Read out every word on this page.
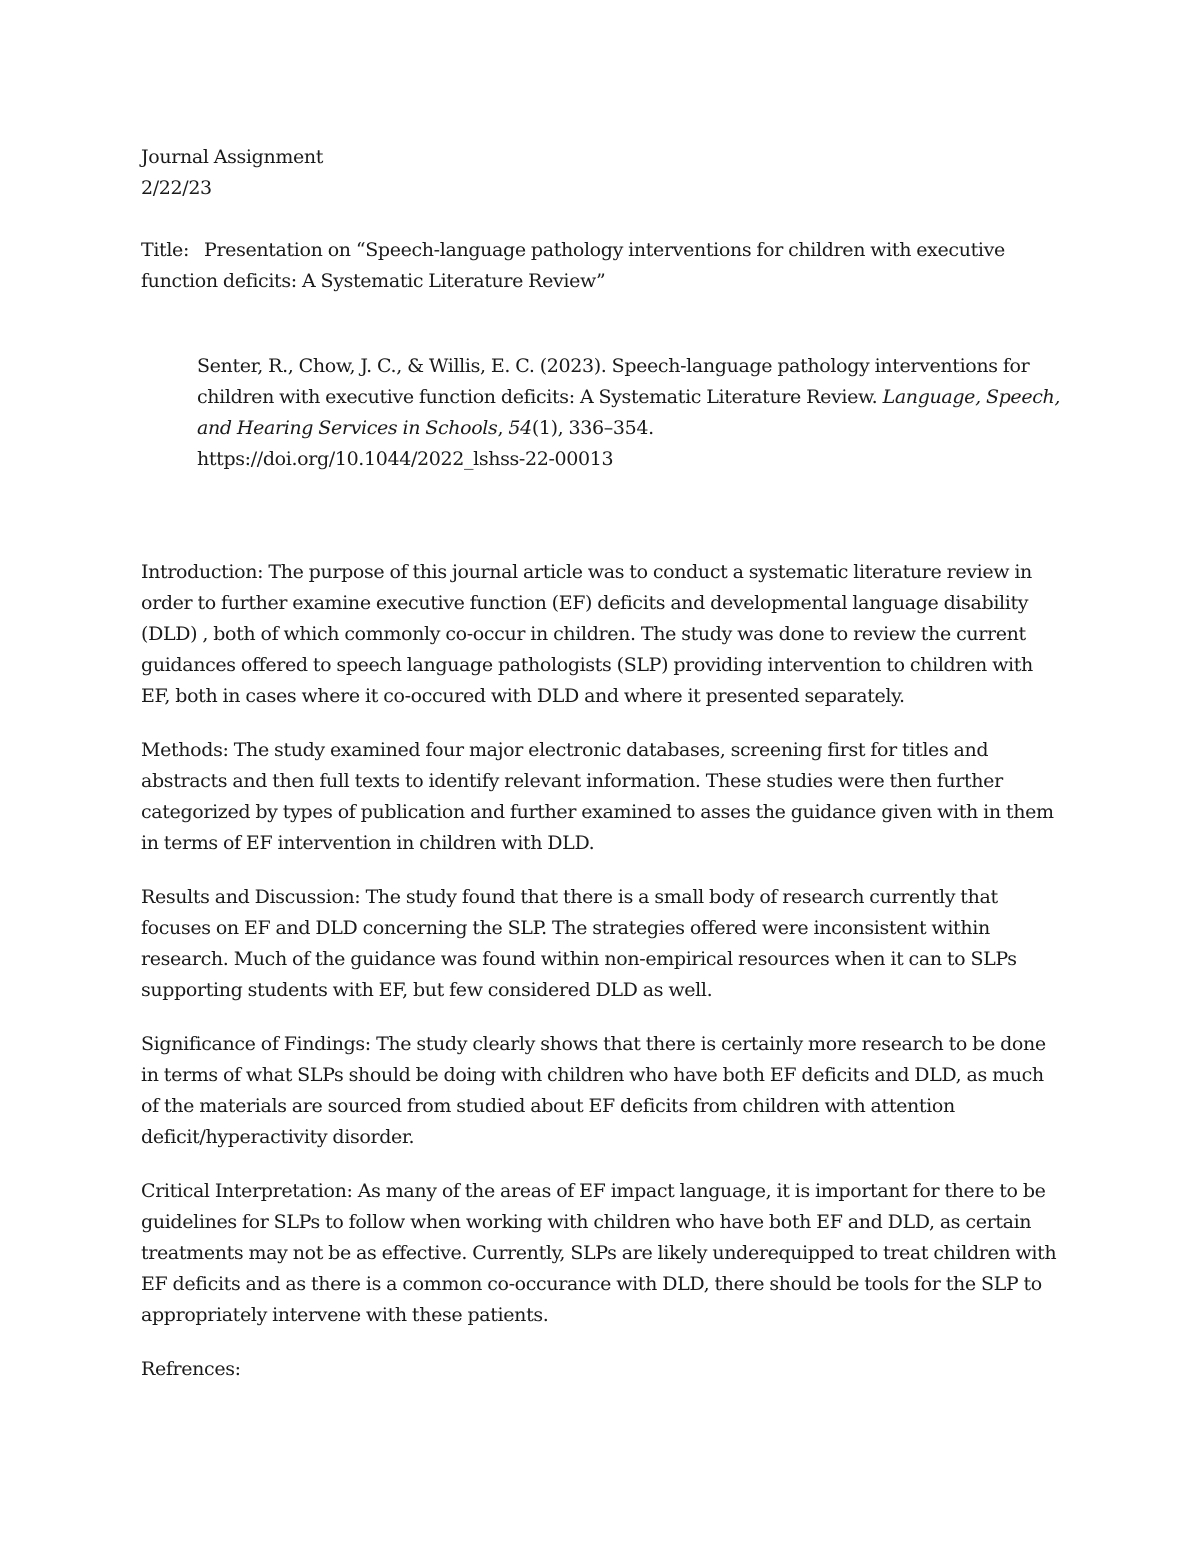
Journal Assignment

2/22/23

Title: Presentation on “Speech-language pathology interventions for children with executive function deficits: A Systematic Literature Review”

Senter, R., Chow, J. C., & Willis, E. C. (2023). Speech-language pathology interventions for children with executive function deficits: A Systematic Literature Review. Language, Speech, and Hearing Services in Schools, 54(1), 336–354.
https://doi.org/10.1044/2022_lshss-22-00013

Introduction: The purpose of this journal article was to conduct a systematic literature review in order to further examine executive function (EF) deficits and developmental language disability (DLD) , both of which commonly co-occur in children. The study was done to review the current guidances offered to speech language pathologists (SLP) providing intervention to children with EF, both in cases where it co-occured with DLD and where it presented separately.

Methods: The study examined four major electronic databases, screening first for titles and abstracts and then full texts to identify relevant information. These studies were then further categorized by types of publication and further examined to asses the guidance given with in them in terms of EF intervention in children with DLD.

Results and Discussion: The study found that there is a small body of research currently that focuses on EF and DLD concerning the SLP. The strategies offered were inconsistent within research. Much of the guidance was found within non-empirical resources when it can to SLPs supporting students with EF, but few considered DLD as well.

Significance of Findings: The study clearly shows that there is certainly more research to be done in terms of what SLPs should be doing with children who have both EF deficits and DLD, as much of the materials are sourced from studied about EF deficits from children with attention deficit/hyperactivity disorder.

Critical Interpretation: As many of the areas of EF impact language, it is important for there to be guidelines for SLPs to follow when working with children who have both EF and DLD, as certain treatments may not be as effective. Currently, SLPs are likely underequipped to treat children with EF deficits and as there is a common co-occurance with DLD, there should be tools for the SLP to appropriately intervene with these patients.

Refrences:
